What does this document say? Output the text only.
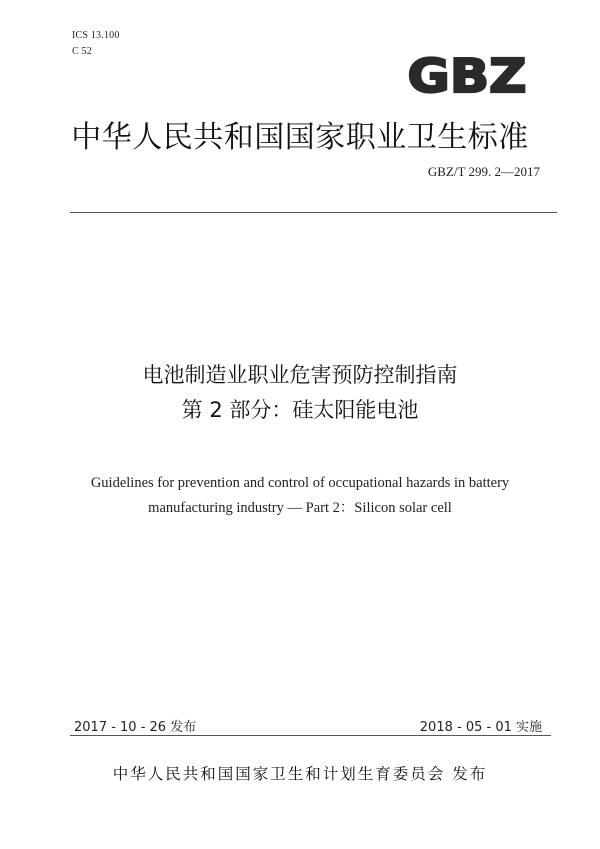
ICS 13.100
C 52	GBZ
中华人民共和国国家职业卫生标准
GBZ/T 299. 2—2017
电池制造业职业危害预防控制指南
第 2 部分：硅太阳能电池
Guidelines for prevention and control of occupational hazards in battery
manufacturing industry — Part 2：Silicon solar cell
2017 - 10 - 26 发布	2018 - 05 - 01 实施
中华人民共和国国家卫生和计划生育委员会 发布
